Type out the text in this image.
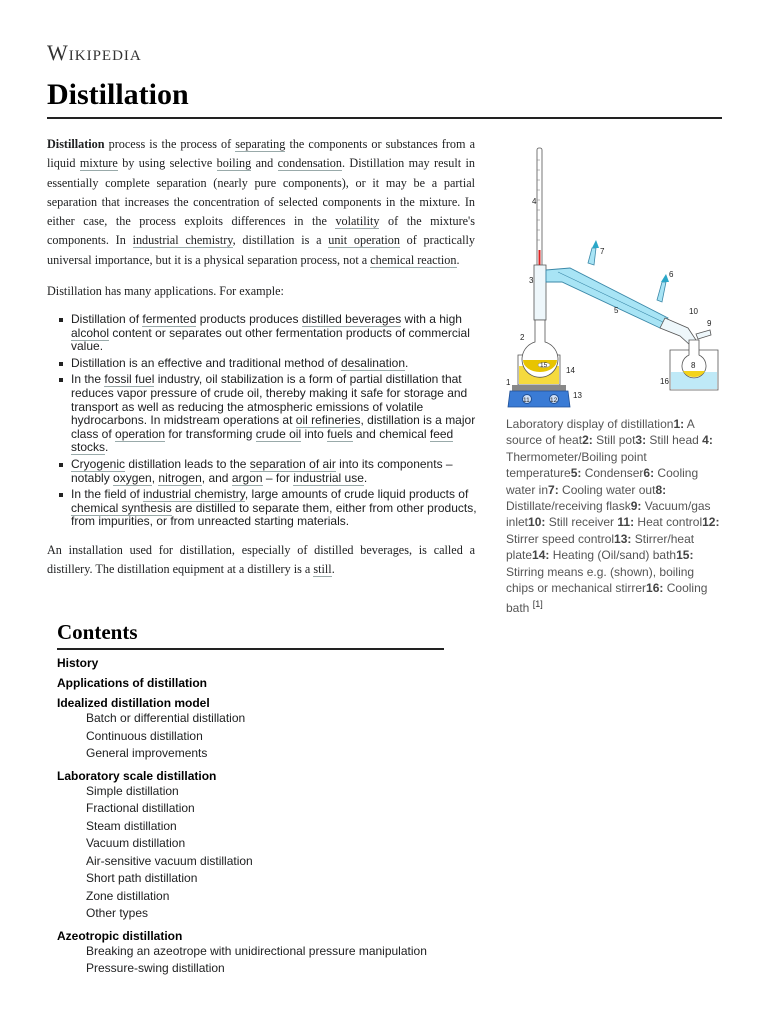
Wikipedia
Distillation

Distillation process is the process of separating the components or substances from a liquid mixture by using selective boiling and condensation. Distillation may result in essentially complete separation (nearly pure components), or it may be a partial separation that increases the concentration of selected components in the mixture. In either case, the process exploits differences in the volatility of the mixture's components. In industrial chemistry, distillation is a unit operation of practically universal importance, but it is a physical separation process, not a chemical reaction.

Distillation has many applications. For example:
Distillation of fermented products produces distilled beverages with a high alcohol content or separates out other fermentation products of commercial value.
Distillation is an effective and traditional method of desalination.
In the fossil fuel industry, oil stabilization is a form of partial distillation that reduces vapor pressure of crude oil, thereby making it safe for storage and transport as well as reducing the atmospheric emissions of volatile hydrocarbons. In midstream operations at oil refineries, distillation is a major class of operation for transforming crude oil into fuels and chemical feed stocks.
Cryogenic distillation leads to the separation of air into its components – notably oxygen, nitrogen, and argon – for industrial use.
In the field of industrial chemistry, large amounts of crude liquid products of chemical synthesis are distilled to separate them, either from other products, from impurities, or from unreacted starting materials.

An installation used for distillation, especially of distilled beverages, is called a distillery. The distillation equipment at a distillery is a still.

1
2
3
4
5
6
7
8
9
10
11	12
13
14
15
16
Laboratory display of distillation1: A source of heat2: Still pot3: Still head 4: Thermometer/Boiling point temperature5: Condenser6: Cooling water in7: Cooling water out8: Distillate/receiving flask9: Vacuum/gas inlet10: Still receiver 11: Heat control12: Stirrer speed control13: Stirrer/heat plate14: Heating (Oil/sand) bath15: Stirring means e.g. (shown), boiling chips or mechanical stirrer16: Cooling bath [1]
Contents
History
Applications of distillation
Idealized distillation model
Batch or differential distillation
Continuous distillation
General improvements
Laboratory scale distillation
Simple distillation
Fractional distillation
Steam distillation
Vacuum distillation
Air-sensitive vacuum distillation
Short path distillation
Zone distillation
Other types
Azeotropic distillation
Breaking an azeotrope with unidirectional pressure manipulation
Pressure-swing distillation
